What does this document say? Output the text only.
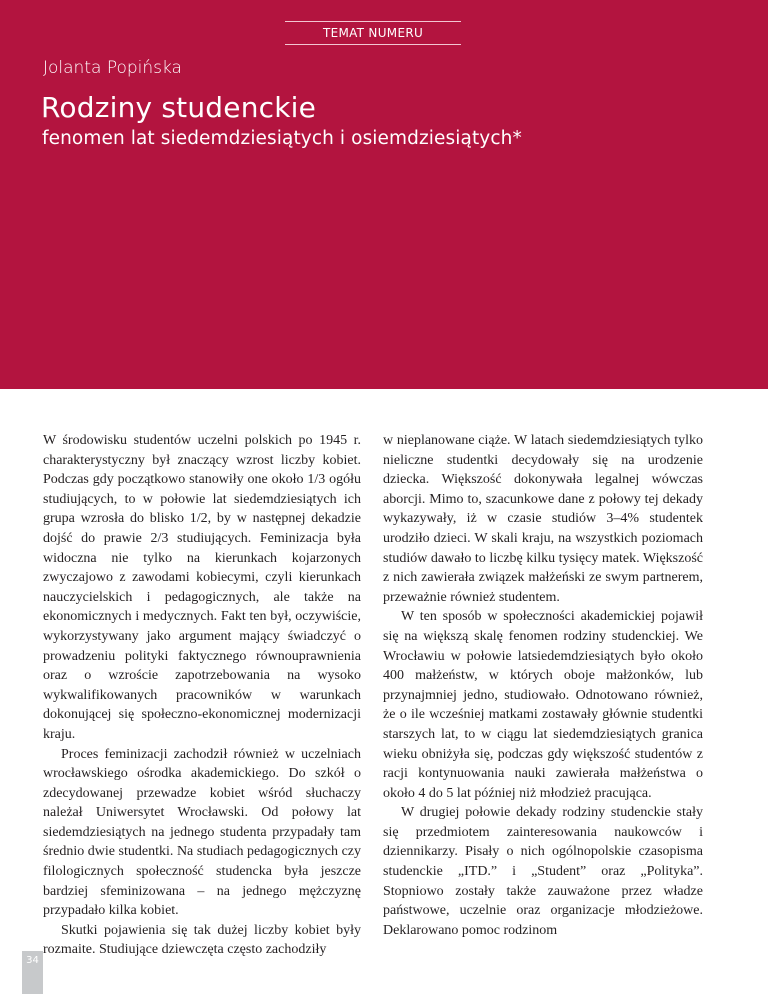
TEMAT NUMERU
Jolanta Popińska
Rodziny studenckie
fenomen lat siedemdziesiątych i osiemdziesiątych*

W środowisku studentów uczelni polskich po 1945 r. charakterystyczny był znaczący wzrost liczby kobiet. Podczas gdy początkowo stanowiły one około 1/3 ogółu studiujących, to w połowie lat siedemdziesiątych ich grupa wzrosła do blisko 1/2, by w następnej dekadzie dojść do prawie 2/3 studiujących. Feminizacja była widoczna nie tylko na kierunkach kojarzonych zwyczajowo z zawodami kobiecymi, czyli kierunkach nauczycielskich i pedagogicznych, ale także na ekonomicznych i medycznych. Fakt ten był, oczywiście, wykorzystywany jako argument mający świadczyć o prowadzeniu polityki faktycznego równouprawnienia oraz o wzroście zapotrzebowania na wysoko wykwalifikowanych pracowników w warunkach dokonującej się społeczno-ekonomicznej modernizacji kraju.

Proces feminizacji zachodził również w uczelniach wrocławskiego ośrodka akademickiego. Do szkół o zdecydowanej przewadze kobiet wśród słuchaczy należał Uniwersytet Wrocławski. Od połowy lat siedemdziesiątych na jednego studenta przypadały tam średnio dwie studentki. Na studiach pedagogicznych czy filologicznych społeczność studencka była jeszcze bardziej sfeminizowana – na jednego mężczyznę przypadało kilka kobiet.

Skutki pojawienia się tak dużej liczby kobiet były rozmaite. Studiujące dziewczęta często zachodziły

w nieplanowane ciąże. W latach siedemdziesiątych tylko nieliczne studentki decydowały się na urodzenie dziecka. Większość dokonywała legalnej wówczas aborcji. Mimo to, szacunkowe dane z połowy tej dekady wykazywały, iż w czasie studiów 3–4% studentek urodziło dzieci. W skali kraju, na wszystkich poziomach studiów dawało to liczbę kilku tysięcy matek. Większość z nich zawierała związek małżeński ze swym partnerem, przeważnie również studentem.

W ten sposób w społeczności akademickiej pojawił się na większą skalę fenomen rodziny studenckiej. We Wrocławiu w połowie latsiedemdziesiątych było około 400 małżeństw, w których oboje małżonków, lub przynajmniej jedno, studiowało. Odnotowano również, że o ile wcześniej matkami zostawały głównie studentki starszych lat, to w ciągu lat siedemdziesiątych granica wieku obniżyła się, podczas gdy większość studentów z racji kontynuowania nauki zawierała małżeństwa o około 4 do 5 lat później niż młodzież pracująca.

W drugiej połowie dekady rodziny studenckie stały się przedmiotem zainteresowania naukowców i dziennikarzy. Pisały o nich ogólnopolskie czasopisma studenckie „ITD.” i „Student” oraz „Polityka”. Stopniowo zostały także zauważone przez władze państwowe, uczelnie oraz organizacje młodzieżowe. Deklarowano pomoc rodzinom

34
